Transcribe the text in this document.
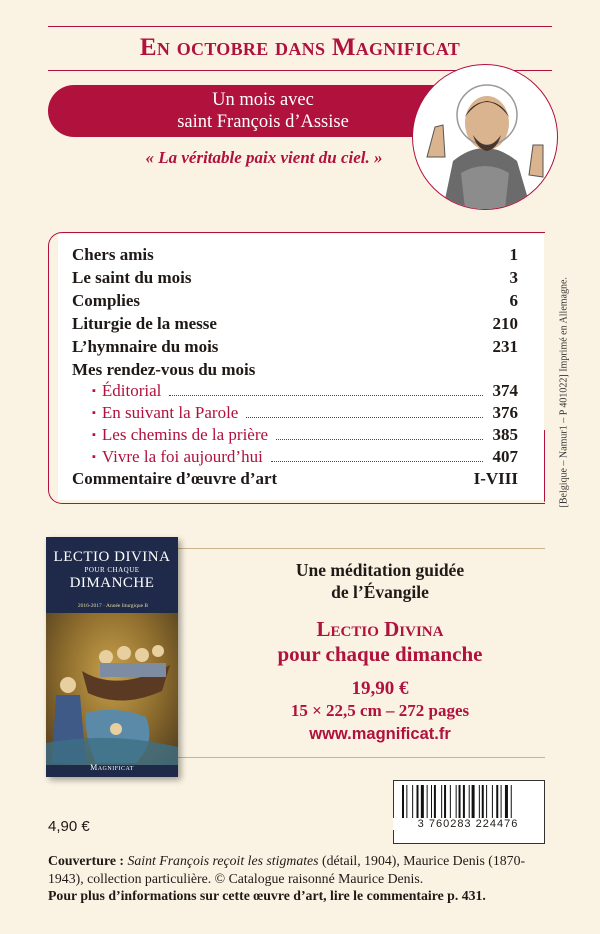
En octobre dans Magnificat
Un mois avec
saint François d’Assise
« La véritable paix vient du ciel. »
Chers amis	1
Le saint du mois	3
Complies	6
Liturgie de la messe	210
L’hymnaire du mois	231
Mes rendez-vous du mois
▪ Éditorial	374
▪ En suivant la Parole	376
▪ Les chemins de la prière	385
▪ Vivre la foi aujourd’hui	407
Commentaire d’œuvre d’art	I-VIII	[Belgique – Namur1 – P 401022] Imprimé en Allemagne.
LECTIO DIVINA
POUR CHAQUE
DIMANCHE
2016-2017 · Année liturgique B
Magnificat
Une méditation guidée
de l’Évangile
Lectio Divina
pour chaque dimanche
19,90 €
15 × 22,5 cm – 272 pages
www.magnificat.fr
4,90 €	3 760283 224476
Couverture : Saint François reçoit les stigmates (détail, 1904), Maurice Denis (1870-1943), collection particulière. © Catalogue raisonné Maurice Denis.
Pour plus d’informations sur cette œuvre d’art, lire le commentaire p. 431.
